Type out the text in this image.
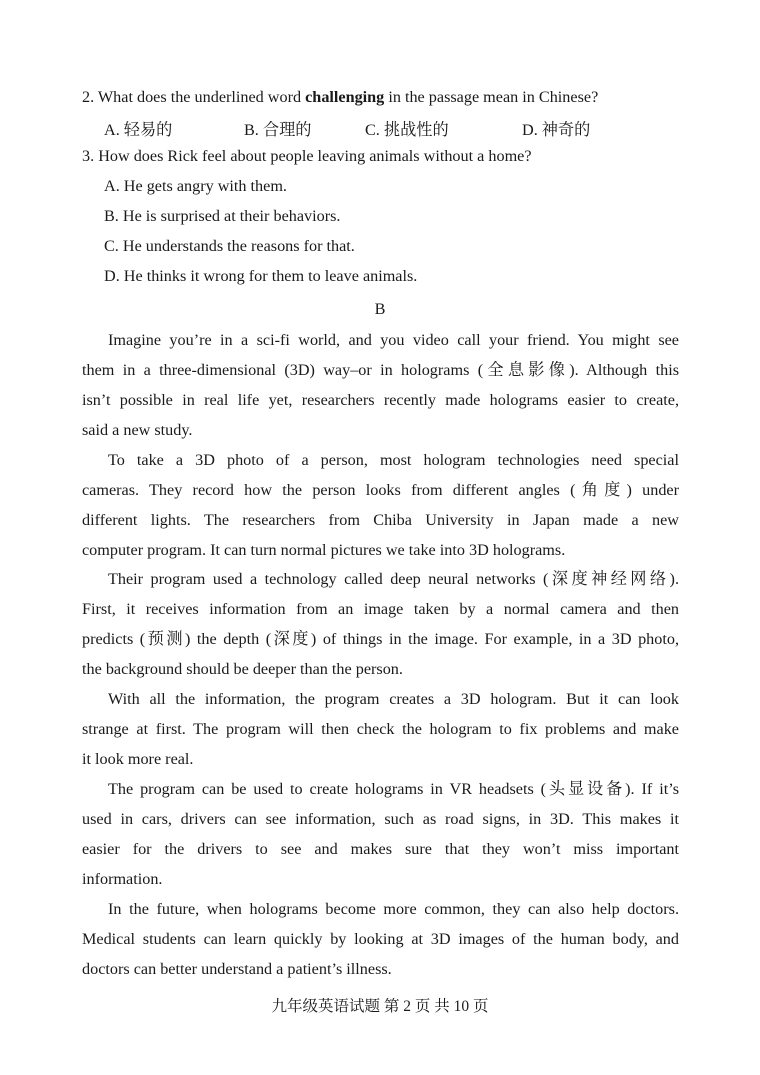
2. What does the underlined word challenging in the passage mean in Chinese?
A. 轻易的	B. 合理的	C. 挑战性的	D. 神奇的
3. How does Rick feel about people leaving animals without a home?
A. He gets angry with them.
B. He is surprised at their behaviors.
C. He understands the reasons for that.
D. He thinks it wrong for them to leave animals.
B
Imagine you’re in a sci-fi world, and you video call your friend. You might see
them in a three-dimensional (3D) way–or in holograms (全息影像). Although this
isn’t possible in real life yet, researchers recently made holograms easier to create,
said a new study.
To take a 3D photo of a person, most hologram technologies need special
cameras. They record how the person looks from different angles (角度) under
different lights. The researchers from Chiba University in Japan made a new
computer program. It can turn normal pictures we take into 3D holograms.
Their program used a technology called deep neural networks (深度神经网络).
First, it receives information from an image taken by a normal camera and then
predicts (预测) the depth (深度) of things in the image. For example, in a 3D photo,
the background should be deeper than the person.
With all the information, the program creates a 3D hologram. But it can look
strange at first. The program will then check the hologram to fix problems and make
it look more real.
The program can be used to create holograms in VR headsets (头显设备). If it’s
used in cars, drivers can see information, such as road signs, in 3D. This makes it
easier for the drivers to see and makes sure that they won’t miss important
information.
In the future, when holograms become more common, they can also help doctors.
Medical students can learn quickly by looking at 3D images of the human body, and
doctors can better understand a patient’s illness.
九年级英语试题 第 2 页 共 10 页
